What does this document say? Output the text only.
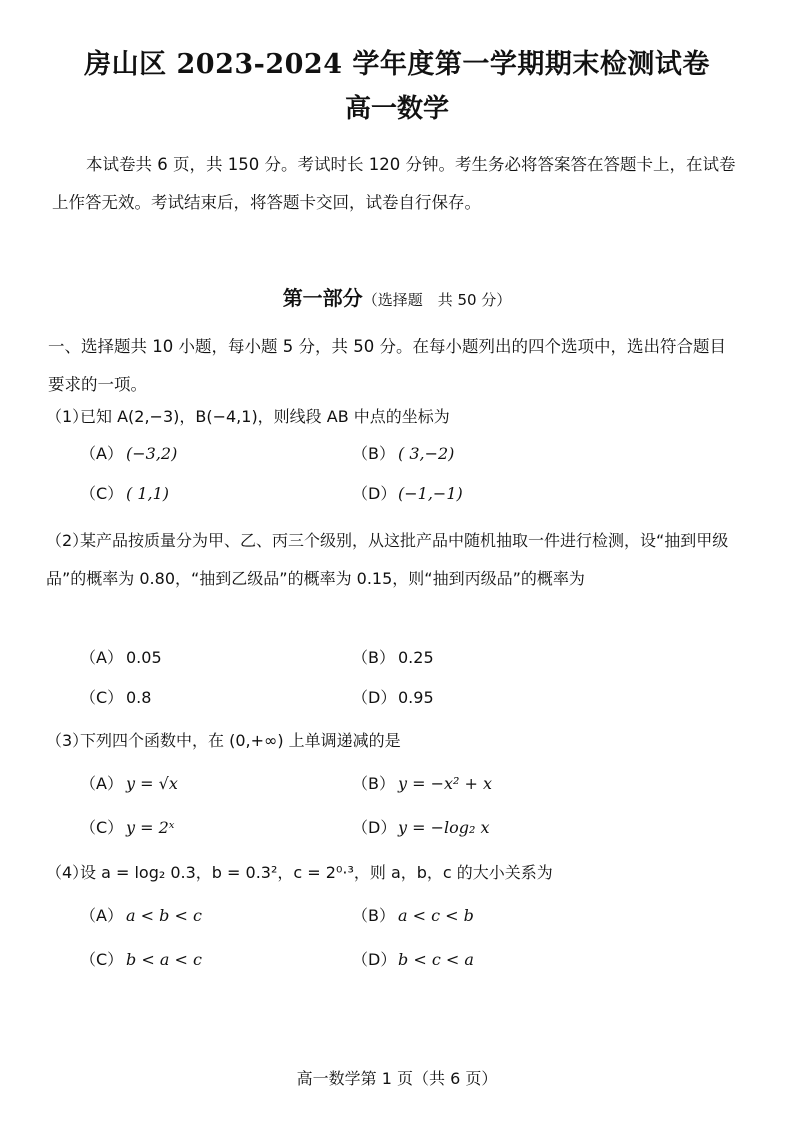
房山区 2023-2024 学年度第一学期期末检测试卷
高一数学
本试卷共 6 页，共 150 分。考试时长 120 分钟。考生务必将答案答在答题卡上，在试卷上作答无效。考试结束后，将答题卡交回，试卷自行保存。
第一部分（选择题　共 50 分）
一、选择题共 10 小题，每小题 5 分，共 50 分。在每小题列出的四个选项中，选出符合题目要求的一项。
（1）已知 A(2,−3)，B(−4,1)，则线段 AB 中点的坐标为
（A） (−3,2)	（B） ( 3,−2)
（C） ( 1,1)	（D） (−1,−1)
（2）某产品按质量分为甲、乙、丙三个级别，从这批产品中随机抽取一件进行检测，设“抽到甲级品”的概率为 0.80，“抽到乙级品”的概率为 0.15，则“抽到丙级品”的概率为
（A） 0.05	（B） 0.25
（C） 0.8	（D） 0.95
（3）下列四个函数中，在 (0,+∞) 上单调递减的是
（A） y = √x	（B） y = −x² + x
（C） y = 2ˣ	（D） y = −log₂ x
（4）设 a = log₂ 0.3，b = 0.3²，c = 2⁰·³，则 a，b，c 的大小关系为
（A） a < b < c	（B） a < c < b
（C） b < a < c	（D） b < c < a
高一数学第 1 页（共 6 页）
